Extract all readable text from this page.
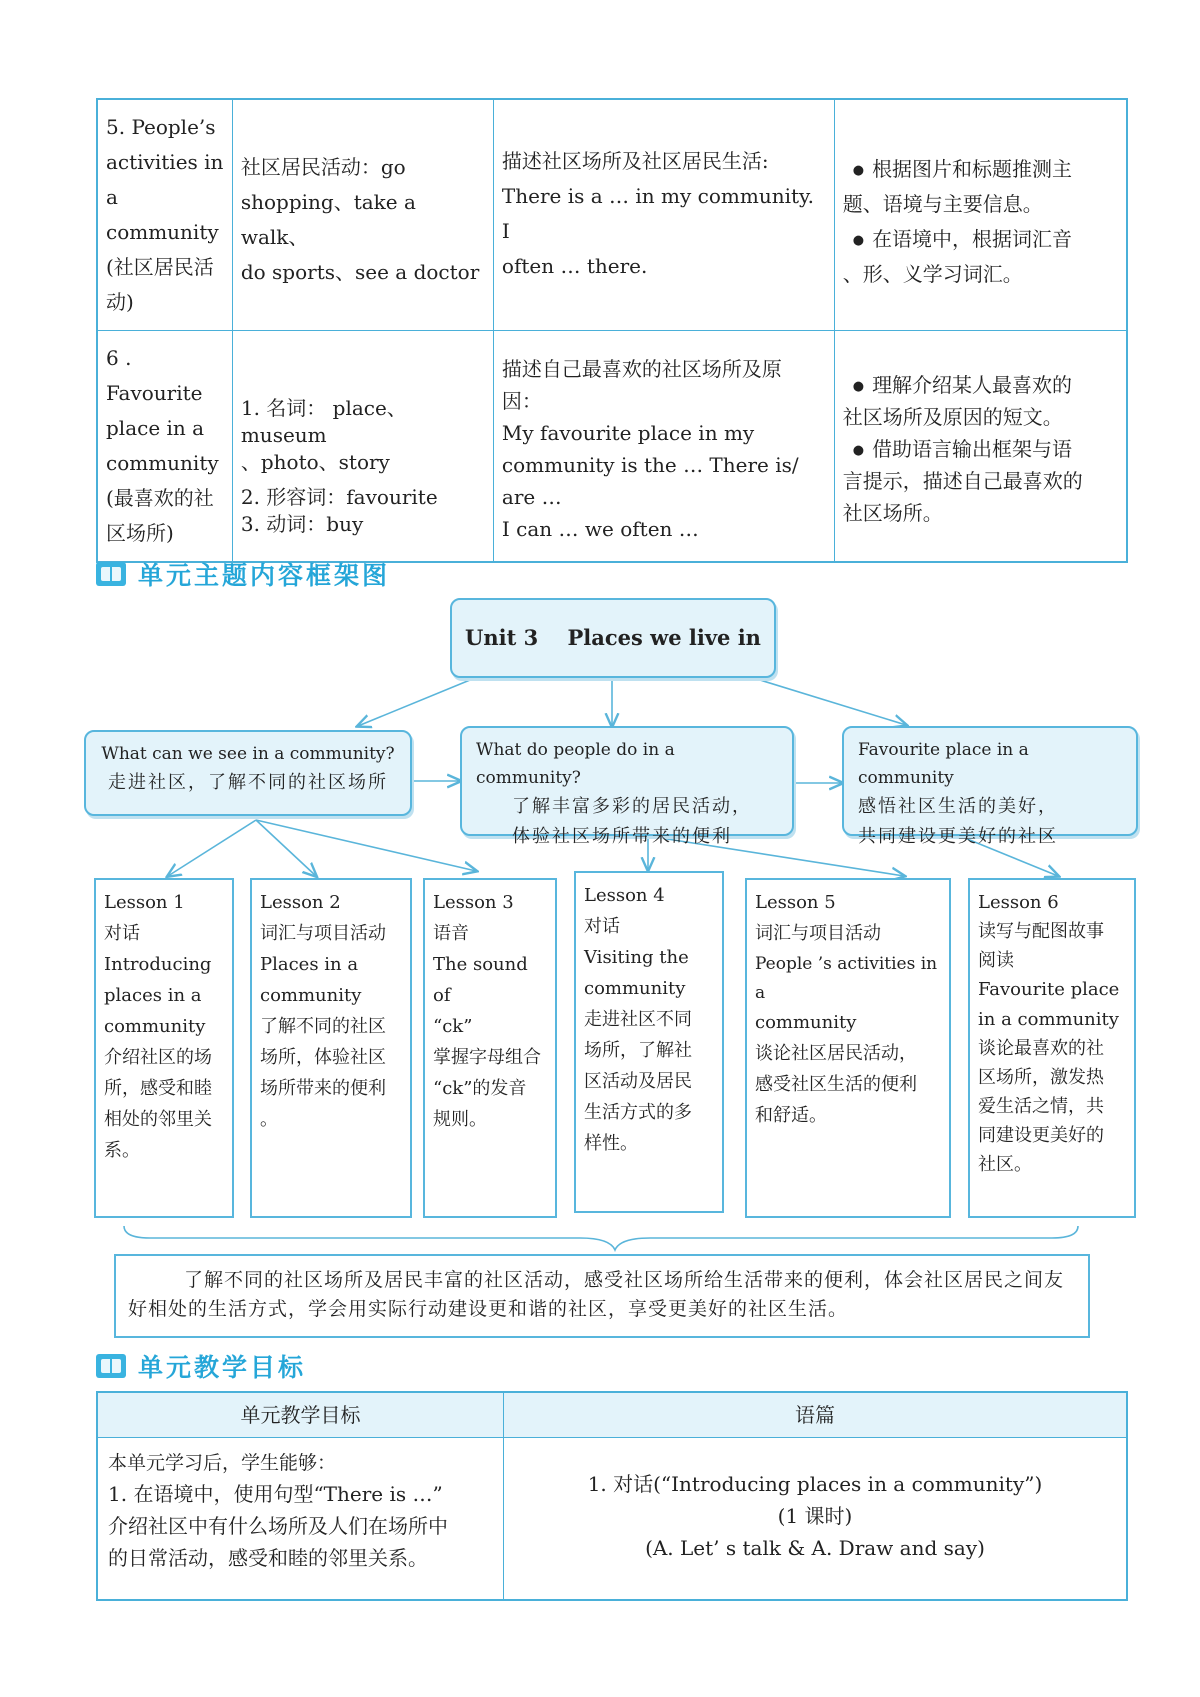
5. People’s
activities in
a community
(社区居民活
动)	社区居民活动：go
shopping、take a walk、
do sports、see a doctor	描述社区场所及社区居民生活:
There is a … in my community. I
often … there.	● 根据图片和标题推测主
题、语境与主要信息。
● 在语境中，根据词汇音
、形、义学习词汇。

6 . Favourite
place in a
community
(最喜欢的社
区场所)	1. 名词： place、museum
、photo、story
2. 形容词：favourite
3. 动词：buy	描述自己最喜欢的社区场所及原
因：
My favourite place in my
community is the … There is/ are …
I can … we often …	● 理解介绍某人最喜欢的
社区场所及原因的短文。
● 借助语言输出框架与语
言提示，描述自己最喜欢的
社区场所。
单元主题内容框架图
Unit 3    Places we live in
What can we see in a community?
走进社区，了解不同的社区场所
What do people do in a community?
了解丰富多彩的居民活动，
体验社区场所带来的便利
Favourite place in a community
感悟社区生活的美好，
共同建设更美好的社区
Lesson 1
对话
Introducing
places in a
community
介绍社区的场
所，感受和睦
相处的邻里关
系。
Lesson 2
词汇与项目活动
Places in a
community
了解不同的社区
场所，体验社区
场所带来的便利
。
Lesson 3
语音
The sound of
“ck”
掌握字母组合
“ck”的发音
规则。
Lesson 4
对话
Visiting the
community
走进社区不同
场所，了解社
区活动及居民
生活方式的多
样性。
Lesson 5
词汇与项目活动
People ’s activities in a
community
谈论社区居民活动，
感受社区生活的便利
和舒适。
Lesson 6
读写与配图故事
阅读
Favourite place
in a community
谈论最喜欢的社
区场所，激发热
爱生活之情，共
同建设更美好的
社区。
了解不同的社区场所及居民丰富的社区活动，感受社区场所给生活带来的便利，体会社区居民之间友好相处的生活方式，学会用实际行动建设更和谐的社区，享受更美好的社区生活。
单元教学目标
单元教学目标	语篇

本单元学习后，学生能够：
1. 在语境中，使用句型“There is …”
介绍社区中有什么场所及人们在场所中
的日常活动，感受和睦的邻里关系。	1. 对话(“Introducing places in a community”)
(1 课时)
(A. Let’ s talk & A. Draw and say)
